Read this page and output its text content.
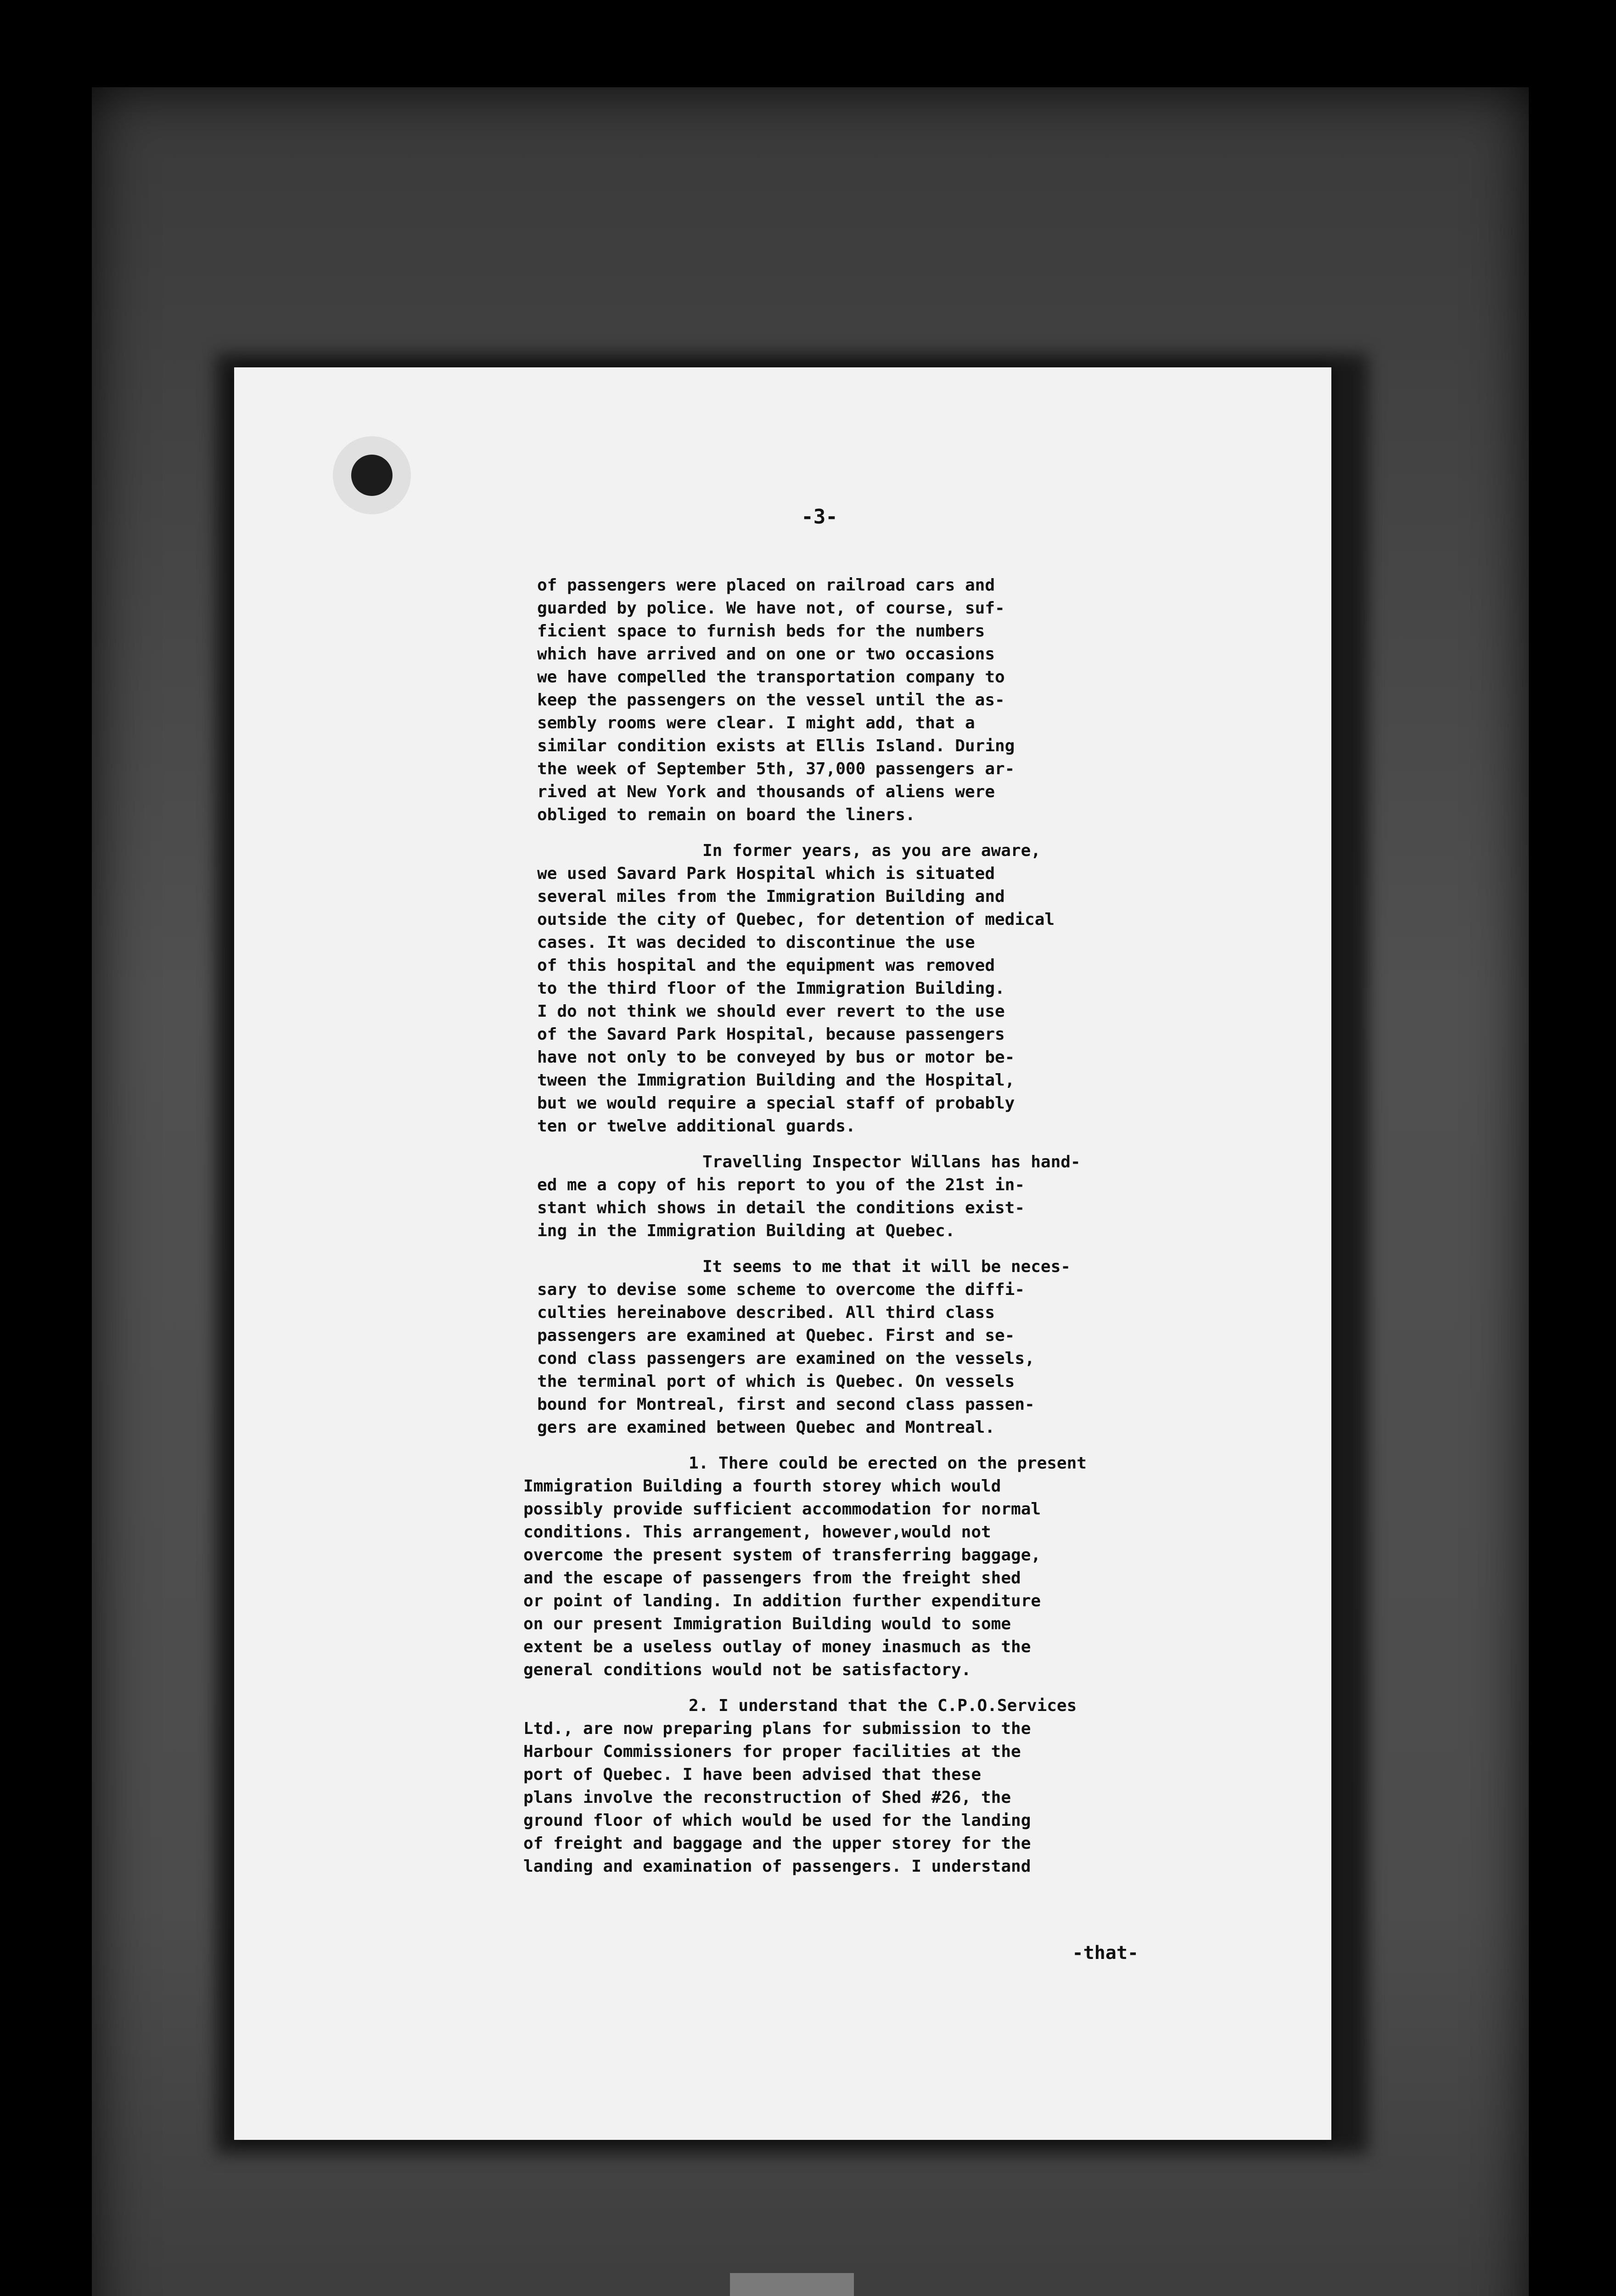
-3-

of passengers were placed on railroad cars and
guarded by police. We have not, of course, suf-
ficient space to furnish beds for the numbers
which have arrived and on one or two occasions
we have compelled the transportation company to
keep the passengers on the vessel until the as-
sembly rooms were clear. I might add, that a
similar condition exists at Ellis Island. During
the week of September 5th, 37,000 passengers ar-
rived at New York and thousands of aliens were
obliged to remain on board the liners.

In former years, as you are aware,
we used Savard Park Hospital which is situated
several miles from the Immigration Building and
outside the city of Quebec, for detention of medical
cases. It was decided to discontinue the use
of this hospital and the equipment was removed
to the third floor of the Immigration Building.
I do not think we should ever revert to the use
of the Savard Park Hospital, because passengers
have not only to be conveyed by bus or motor be-
tween the Immigration Building and the Hospital,
but we would require a special staff of probably
ten or twelve additional guards.

Travelling Inspector Willans has hand-
ed me a copy of his report to you of the 21st in-
stant which shows in detail the conditions exist-
ing in the Immigration Building at Quebec.

It seems to me that it will be neces-
sary to devise some scheme to overcome the diffi-
culties hereinabove described. All third class
passengers are examined at Quebec. First and se-
cond class passengers are examined on the vessels,
the terminal port of which is Quebec. On vessels
bound for Montreal, first and second class passen-
gers are examined between Quebec and Montreal.

1. There could be erected on the present
Immigration Building a fourth storey which would
possibly provide sufficient accommodation for normal
conditions. This arrangement, however,would not
overcome the present system of transferring baggage,
and the escape of passengers from the freight shed
or point of landing. In addition further expenditure
on our present Immigration Building would to some
extent be a useless outlay of money inasmuch as the
general conditions would not be satisfactory.

2. I understand that the C.P.O.Services
Ltd., are now preparing plans for submission to the
Harbour Commissioners for proper facilities at the
port of Quebec. I have been advised that these
plans involve the reconstruction of Shed #26, the
ground floor of which would be used for the landing
of freight and baggage and the upper storey for the
landing and examination of passengers. I understand

-that-
